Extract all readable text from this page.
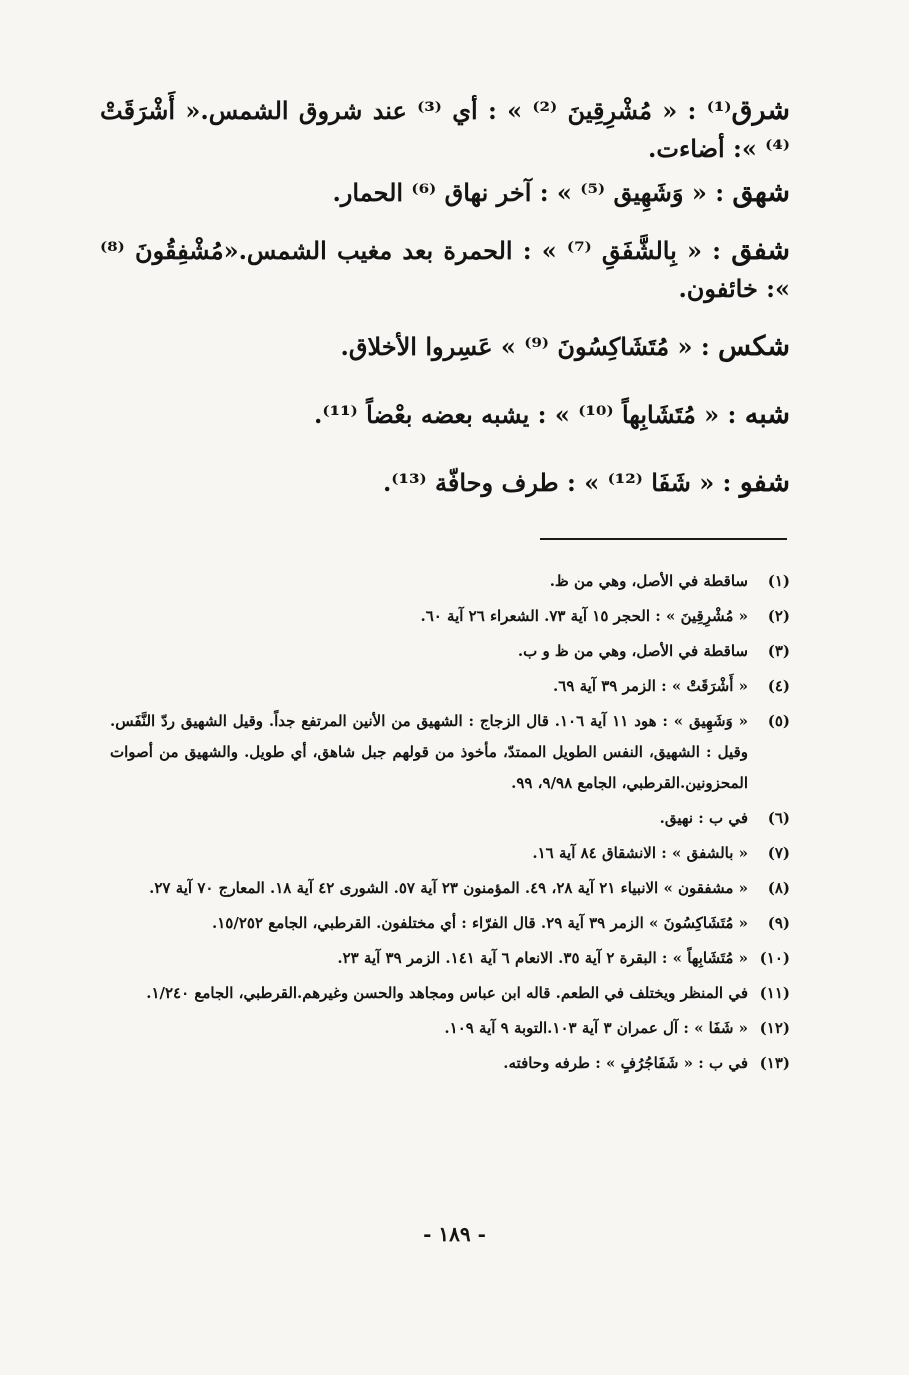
شرق⁽¹⁾ : « مُشْرِقِينَ ⁽²⁾ » : أي ⁽³⁾ عند شروق الشمس.« أَشْرَقَتْ ⁽⁴⁾ »: أضاءت.
شهق : « وَشَهِيق ⁽⁵⁾ » : آخر نهاق ⁽⁶⁾ الحمار.
شفق : « بِالشَّفَقِ ⁽⁷⁾ » : الحمرة بعد مغيب الشمس.«مُشْفِقُونَ ⁽⁸⁾ »: خائفون.
شكس : « مُتَشَاكِسُونَ ⁽⁹⁾ » عَسِروا الأخلاق.
شبه : « مُتَشَابِهاً ⁽¹⁰⁾ » : يشبه بعضه بعْضاً ⁽¹¹⁾.
شفو : « شَفَا ⁽¹²⁾ » : طرف وحافّة ⁽¹³⁾.
(١)
ساقطة في الأصل، وهي من ظ.
(٢)
« مُشْرِقِينَ » : الحجر ١٥ آية ٧٣. الشعراء ٢٦ آية ٦٠.
(٣)
ساقطة في الأصل، وهي من ظ و ب.
(٤)
« أَشْرَقَتْ » : الزمر ٣٩ آية ٦٩.
(٥)
« وَشَهِيق » : هود ١١ آية ١٠٦. قال الزجاج : الشهيق من الأنين المرتفع جداً. وقيل الشهيق ردّ النَّفَس. وقيل : الشهيق، النفس الطويل الممتدّ، مأخوذ من قولهم جبل شاهق، أي طويل. والشهيق من أصوات المحزونين.القرطبي، الجامع ٩/٩٨، ٩٩.
(٦)
في ب : نهيق.
(٧)
« بالشفق » : الانشقاق ٨٤ آية ١٦.
(٨)
« مشفقون » الانبياء ٢١ آية ٢٨، ٤٩. المؤمنون ٢٣ آية ٥٧. الشورى ٤٢ آية ١٨. المعارج ٧٠ آية ٢٧.
(٩)
« مُتَشَاكِسُونَ » الزمر ٣٩ آية ٢٩. قال الفرّاء : أي مختلفون. القرطبي، الجامع ١٥/٢٥٢.
(١٠)
« مُتَشَابِهاً » : البقرة ٢ آية ٣٥. الانعام ٦ آية ١٤١. الزمر ٣٩ آية ٢٣.
(١١)
في المنظر ويختلف في الطعم. قاله ابن عباس ومجاهد والحسن وغيرهم.القرطبي، الجامع ١/٢٤٠.
(١٢)
« شَفَا » : آل عمران ٣ آية ١٠٣.التوبة ٩ آية ١٠٩.
(١٣)
في ب : « شَفَاجُرُفٍ » : طرفه وحافته.
- ١٨٩ -
